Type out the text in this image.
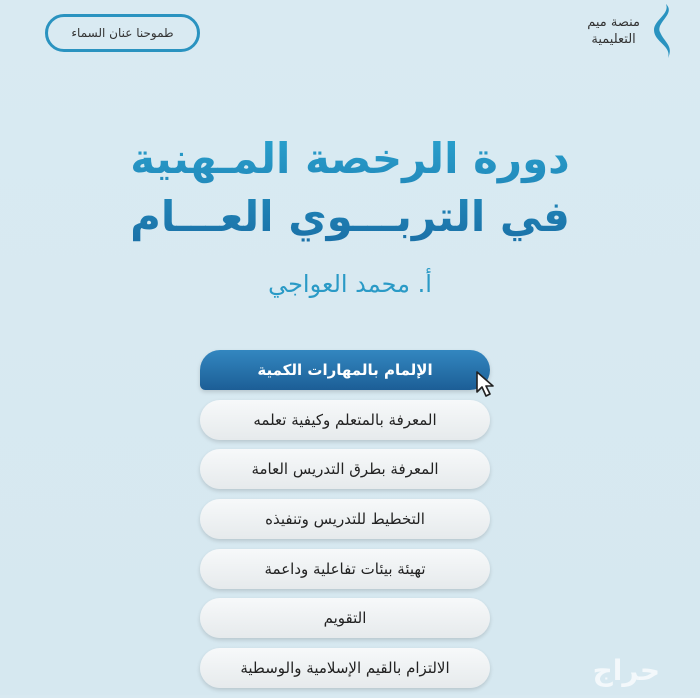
منصة ميم
التعليمية
طموحنا عنان السماء
دورة الرخصة المـهنية
في التربـــوي العـــام
أ. محمد العواجي
الإلمام بالمهارات الكمية
المعرفة بالمتعلم وكيفية تعلمه
المعرفة بطرق التدريس العامة
التخطيط للتدريس وتنفيذه
تهيئة بيئات تفاعلية وداعمة
التقويم
الالتزام بالقيم الإسلامية والوسطية	حراج
